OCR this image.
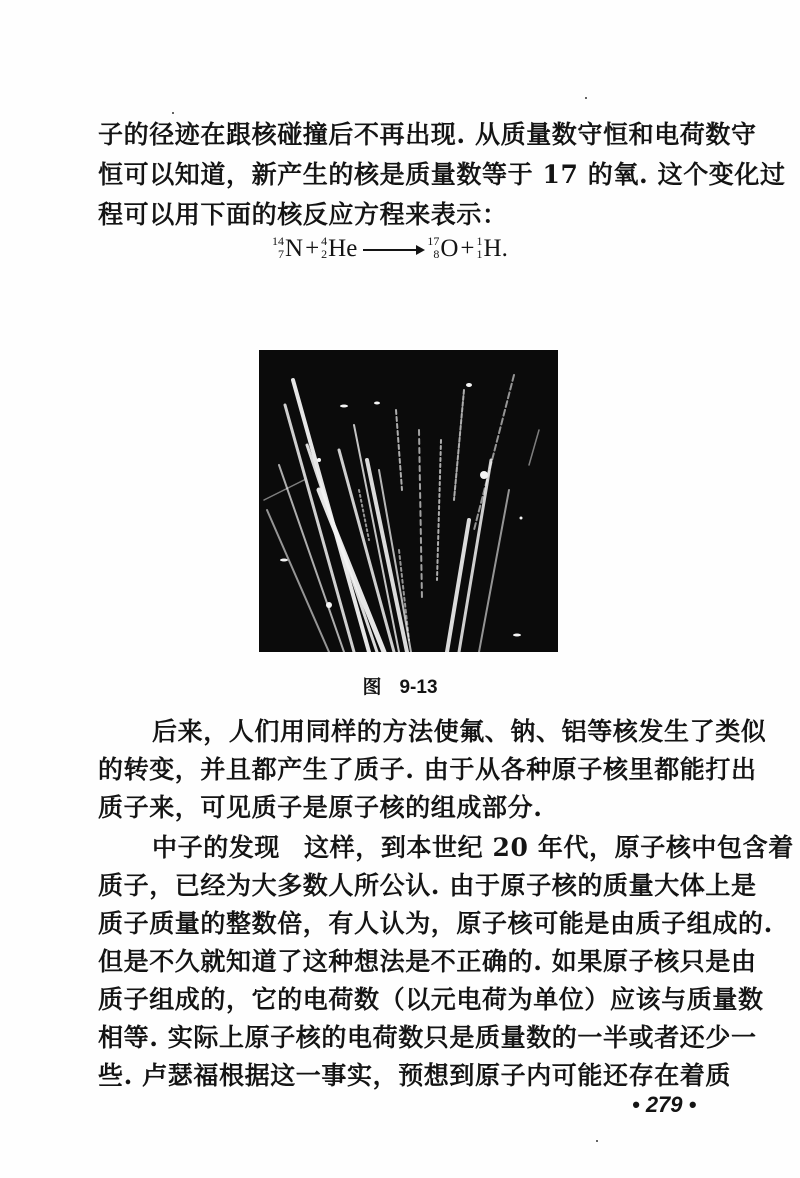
子的径迹在跟核碰撞后不再出现. 从质量数守恒和电荷数守
恒可以知道，新产生的核是质量数等于 17 的氧. 这个变化过
程可以用下面的核反应方程来表示：
14
7 N+ 4
2 He →
17
8 O+ 1
1 H.
图 9-13
后来，人们用同样的方法使氟、钠、铝等核发生了类似
的转变，并且都产生了质子. 由于从各种原子核里都能打出
质子来，可见质子是原子核的组成部分.
中子的发现 这样，到本世纪 20 年代，原子核中包含着
质子，已经为大多数人所公认. 由于原子核的质量大体上是
质子质量的整数倍，有人认为，原子核可能是由质子组成的.
但是不久就知道了这种想法是不正确的. 如果原子核只是由
质子组成的，它的电荷数（以元电荷为单位）应该与质量数
相等. 实际上原子核的电荷数只是质量数的一半或者还少一
些. 卢瑟福根据这一事实，预想到原子内可能还存在着质
• 279 •
